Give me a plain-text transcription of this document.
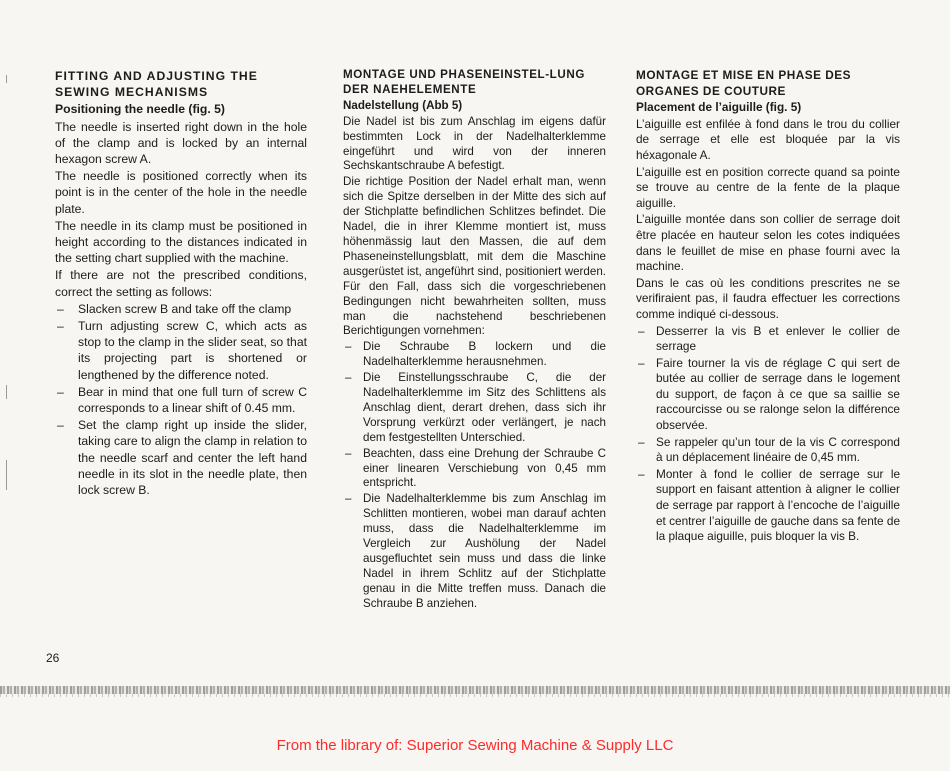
FITTING AND ADJUSTING THE SEWING MECHANISMS
Positioning the needle (fig. 5)

The needle is inserted right down in the hole of the clamp and is locked by an internal hexagon screw A.

The needle is positioned correctly when its point is in the center of the hole in the needle plate.

The needle in its clamp must be positioned in height according to the distances indicated in the setting chart supplied with the machine.

If there are not the prescribed conditions, correct the setting as follows:

– Slacken screw B and take off the clamp
– Turn adjusting screw C, which acts as stop to the clamp in the slider seat, so that its projecting part is shortened or lengthened by the difference noted.
– Bear in mind that one full turn of screw C corresponds to a linear shift of 0.45 mm.
– Set the clamp right up inside the slider, taking care to align the clamp in relation to the needle scarf and center the left hand needle in its slot in the needle plate, then lock screw B.
MONTAGE UND PHASENEINSTEL-LUNG DER NAEHELEMENTE
Nadelstellung (Abb 5)

Die Nadel ist bis zum Anschlag im eigens dafür bestimmten Lock in der Nadelhalterklemme eingeführt und wird von der inneren Sechskantschraube A befestigt.

Die richtige Position der Nadel erhalt man, wenn sich die Spitze derselben in der Mitte des sich auf der Stichplatte befindlichen Schlitzes befindet. Die Nadel, die in ihrer Klemme montiert ist, muss höhenmässig laut den Massen, die auf dem Phaseneinstellungsblatt, mit dem die Maschine ausgerüstet ist, angeführt sind, positioniert werden. Für den Fall, dass sich die vorgeschriebenen Bedingungen nicht bewahrheiten sollten, muss man die nachstehend beschriebenen Berichtigungen vornehmen:

– Die Schraube B lockern und die Nadelhalterklemme herausnehmen.
– Die Einstellungsschraube C, die der Nadelhalterklemme im Sitz des Schlittens als Anschlag dient, derart drehen, dass sich ihr Vorsprung verkürzt oder verlängert, je nach dem festgestellten Unterschied.
– Beachten, dass eine Drehung der Schraube C einer linearen Verschiebung von 0,45 mm entspricht.
– Die Nadelhalterklemme bis zum Anschlag im Schlitten montieren, wobei man darauf achten muss, dass die Nadelhalterklemme im Vergleich zur Aushölung der Nadel ausgefluchtet sein muss und dass die linke Nadel in ihrem Schlitz auf der Stichplatte genau in die Mitte treffen muss. Danach die Schraube B anziehen.
MONTAGE ET MISE EN PHASE DES ORGANES DE COUTURE
Placement de l’aiguille (fig. 5)

L’aiguille est enfilée à fond dans le trou du collier de serrage et elle est bloquée par la vis héxagonale A.

L’aiguille est en position correcte quand sa pointe se trouve au centre de la fente de la plaque aiguille.

L’aiguille montée dans son collier de serrage doit être placée en hauteur selon les cotes indiquées dans le feuillet de mise en phase fourni avec la machine.

Dans le cas où les conditions prescrites ne se verifiraient pas, il faudra effectuer les corrections comme indiqué ci-dessous.

– Desserrer la vis B et enlever le collier de serrage
– Faire tourner la vis de réglage C qui sert de butée au collier de serrage dans le logement du support, de façon à ce que sa saillie se raccourcisse ou se ralonge selon la différence observée.
– Se rappeler qu’un tour de la vis C correspond à un déplacement linéaire de 0,45 mm.
– Monter à fond le collier de serrage sur le support en faisant attention à aligner le collier de serrage par rapport à l’encoche de l’aiguille et centrer l’aiguille de gauche dans sa fente de la plaque aiguille, puis bloquer la vis B.
26
From the library of: Superior Sewing Machine & Supply LLC
